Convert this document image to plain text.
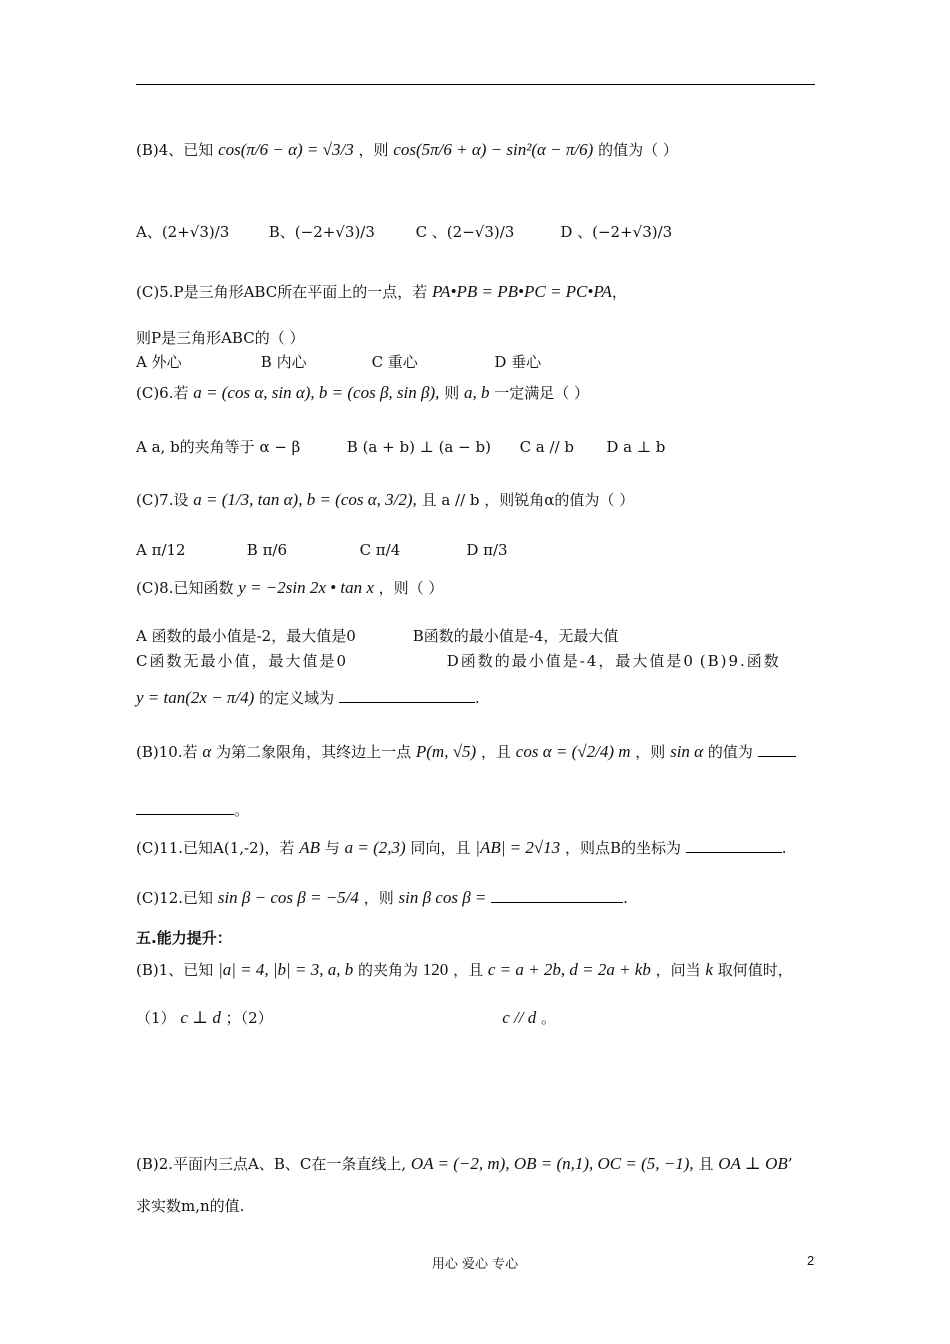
(B)4、已知 cos(π/6 − α) = √3/3 ，则 cos(5π/6 + α) − sin²(α − π/6) 的值为（ ）
A、(2+√3)/3	B、(−2+√3)/3	C 、(2−√3)/3	D 、(−2+√3)/3
(C)5.P是三角形ABC所在平面上的一点，若 PA•PB = PB•PC = PC•PA，
则P是三角形ABC的（ ）
A 外心	B 内心	C 重心	D 垂心
(C)6.若 a = (cos α, sin α), b = (cos β, sin β), 则 a, b 一定满足（ ）
A a, b的夹角等于 α − β	B (a + b) ⊥ (a − b) C a // b D a ⊥ b
(C)7.设 a = (1/3, tan α), b = (cos α, 3/2), 且 a // b ，则锐角α的值为（ ）
A π/12	B π/6	C π/4	D π/3
(C)8.已知函数 y = −2sin 2x • tan x ，则（ ）
A 函数的最小值是-2，最大值是0	B函数的最小值是-4，无最大值
C函数无最小值，最大值是0	D函数的最小值是-4，最大值是0 (B)9.函数
y = tan(2x − π/4) 的定义域为	.
(B)10.若 α 为第二象限角，其终边上一点 P(m, √5) ，且 cos α = (√2/4) m ，则 sin α 的值为
。
(C)11.已知A(1,-2)，若 AB 与 a = (2,3) 同向，且 |AB| = 2√13 ，则点B的坐标为	.
(C)12.已知 sin β − cos β = −5/4 ，则 sin β cos β =	.
五.能力提升：
(B)1、已知 |a| = 4, |b| = 3, a, b 的夹角为 120 ，且 c = a + 2b, d = 2a + kb ，问当 k 取何值时，
（1） c ⊥ d ；（2）	c // d 。
(B)2.平面内三点A、B、C在一条直线上, OA = (−2, m), OB = (n,1), OC = (5, −1), 且 OA ⊥ OB’
求实数m,n的值.
用心 爱心 专心	2
